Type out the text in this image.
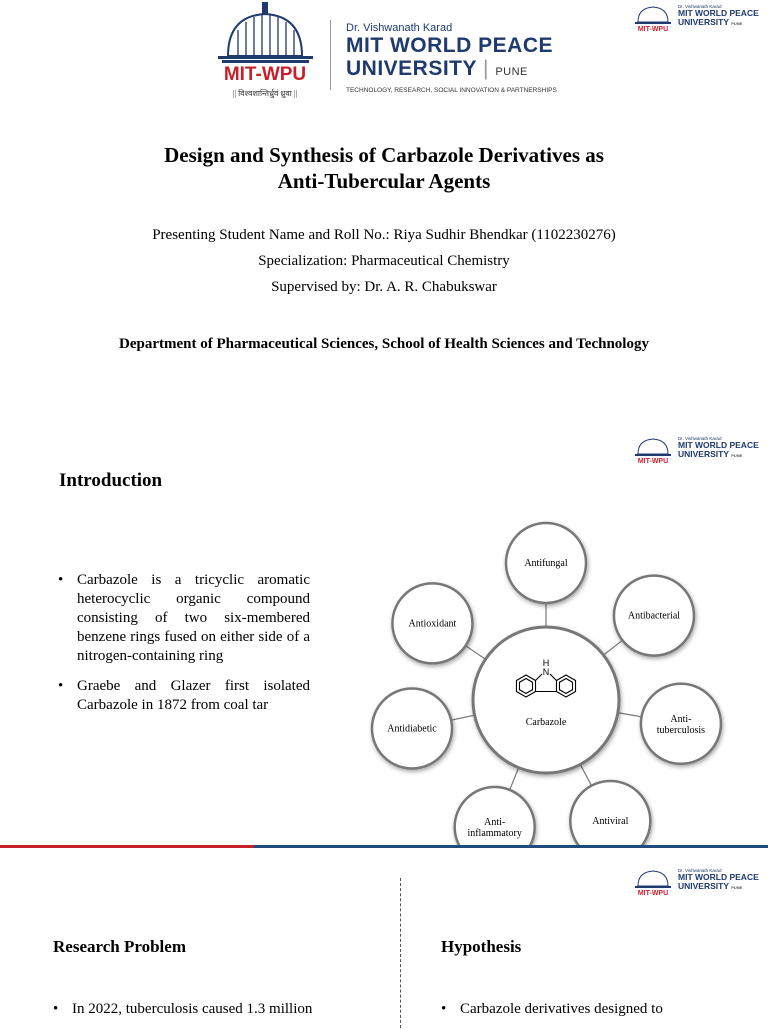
MIT-WPU
|| विश्वशान्तिर्ध्रुवं ध्रुवा ||
Dr. Vishwanath Karad
MIT WORLD PEACE
UNIVERSITY | PUNE
TECHNOLOGY, RESEARCH, SOCIAL INNOVATION & PARTNERSHIPS
MIT-WPU
Dr. Vishwanath Karad
MIT WORLD PEACE
UNIVERSITY PUNE
Design and Synthesis of Carbazole Derivatives as
Anti-Tubercular Agents
Presenting Student Name and Roll No.: Riya Sudhir Bhendkar (1102230276)
Specialization: Pharmaceutical Chemistry
Supervised by: Dr. A. R. Chabukswar
Department of Pharmaceutical Sciences, School of Health Sciences and Technology
MIT-WPU
Dr. Vishwanath Karad
MIT WORLD PEACE
UNIVERSITY PUNE
Introduction
• Carbazole is a tricyclic aromatic heterocyclic organic compound consisting of two six-membered benzene rings fused on either side of a nitrogen-containing ring
• Graebe and Glazer first isolated Carbazole in 1872 from coal tar
N
H
Carbazole
Antifungal
Antibacterial
Anti-tuberculosis
Antiviral
Anti-inflammatory
Antidiabetic
Antioxidant
MIT-WPU
Dr. Vishwanath Karad
MIT WORLD PEACE
UNIVERSITY PUNE
Research Problem	Hypothesis
• In 2022, tuberculosis caused 1.3 million
•	Carbazole derivatives designed to
